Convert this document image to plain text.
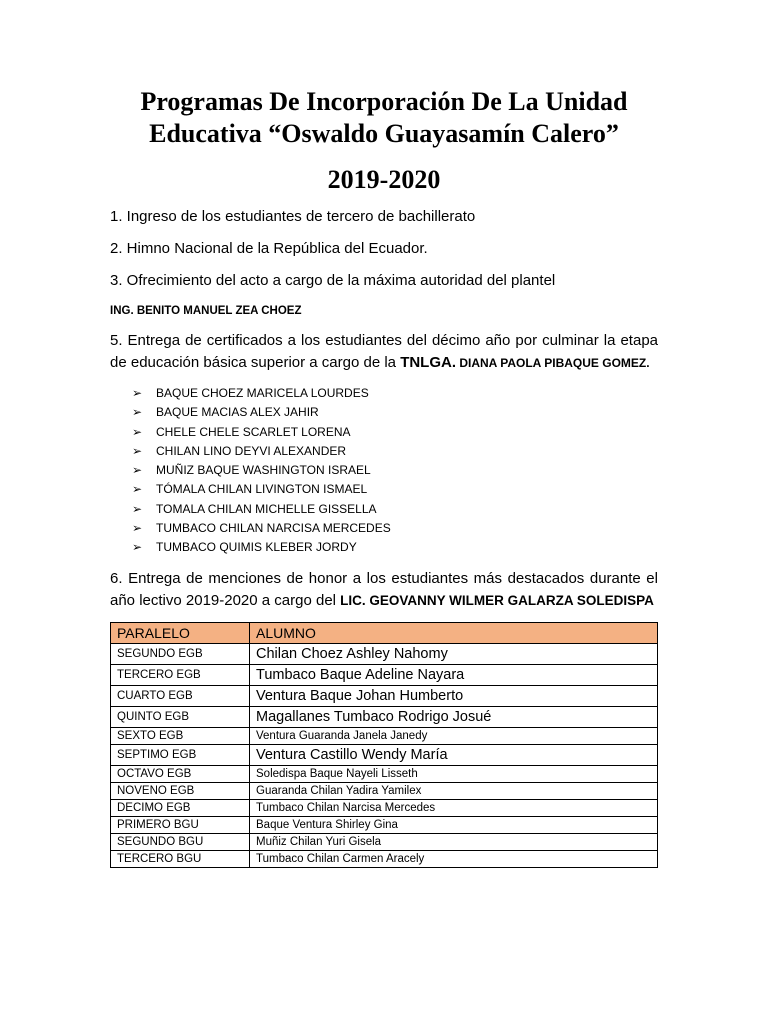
Programas De Incorporación De La Unidad
Educativa “Oswaldo Guayasamín Calero”
2019-2020

1. Ingreso de los estudiantes de tercero de bachillerato

2. Himno Nacional de la República del Ecuador.

3. Ofrecimiento del acto a cargo de la máxima autoridad del plantel

ING. BENITO MANUEL ZEA CHOEZ

5. Entrega de certificados a los estudiantes del décimo año por culminar la etapa de educación básica superior a cargo de la TNLGA. DIANA PAOLA PIBAQUE GOMEZ.

➢	BAQUE CHOEZ MARICELA LOURDES
➢	BAQUE MACIAS ALEX JAHIR
➢	CHELE CHELE SCARLET LORENA
➢	CHILAN LINO DEYVI ALEXANDER
➢	MUÑIZ BAQUE WASHINGTON ISRAEL
➢	TÓMALA CHILAN LIVINGTON ISMAEL
➢	TOMALA CHILAN MICHELLE GISSELLA
➢	TUMBACO CHILAN NARCISA MERCEDES
➢	TUMBACO QUIMIS KLEBER JORDY

6. Entrega de menciones de honor a los estudiantes más destacados durante el año lectivo 2019-2020 a cargo del LIC. GEOVANNY WILMER GALARZA SOLEDISPA

PARALELO	ALUMNO
SEGUNDO EGB	Chilan Choez Ashley Nahomy
TERCERO EGB	Tumbaco Baque Adeline Nayara
CUARTO EGB	Ventura Baque Johan Humberto
QUINTO EGB	Magallanes Tumbaco Rodrigo Josué
SEXTO EGB	Ventura Guaranda Janela Janedy
SEPTIMO EGB	Ventura Castillo Wendy María
OCTAVO EGB	Soledispa Baque Nayeli Lisseth
NOVENO EGB	Guaranda Chilan Yadira Yamilex
DECIMO EGB	Tumbaco Chilan Narcisa Mercedes
PRIMERO BGU	Baque Ventura Shirley Gina
SEGUNDO BGU	Muñiz Chilan Yuri Gisela
TERCERO BGU	Tumbaco Chilan Carmen Aracely
